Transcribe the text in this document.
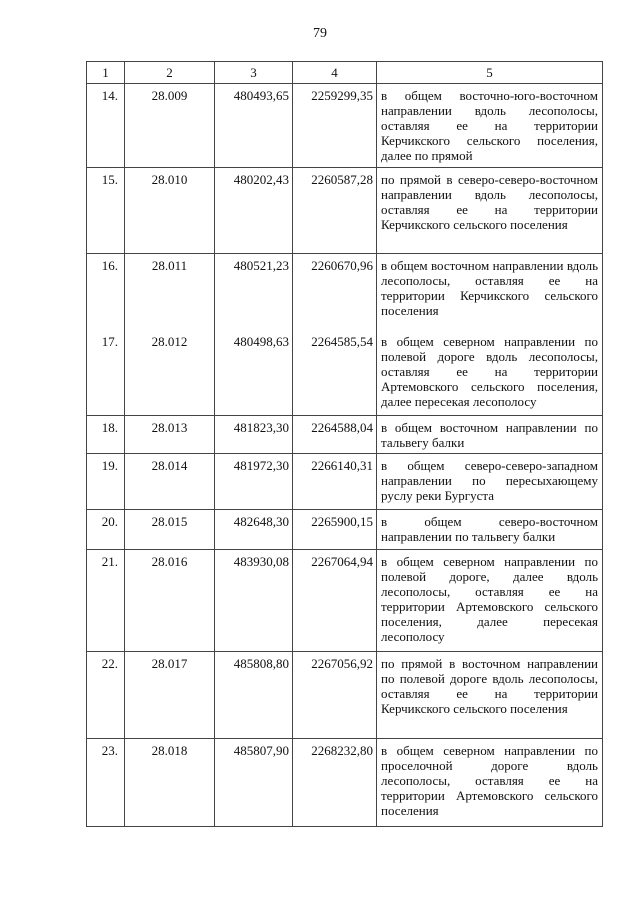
79
1	2	3	4	5
14.	28.009	480493,65	2259299,35	в общем восточно-юго-восточном направлении вдоль лесополосы, оставляя ее на территории Керчикского сельского поселения, далее по прямой
15.	28.010	480202,43	2260587,28	по прямой в северо-северо-восточном направлении вдоль лесополосы, оставляя ее на территории Керчикского сельского поселения
16.	28.011	480521,23	2260670,96	в общем восточном направлении вдоль лесополосы, оставляя ее на территории Керчикского сельского поселения
17.	28.012	480498,63	2264585,54	в общем северном направлении по полевой дороге вдоль лесополосы, оставляя ее на территории Артемовского сельского поселения, далее пересекая лесополосу
18.	28.013	481823,30	2264588,04	в общем восточном направлении по тальвегу балки
19.	28.014	481972,30	2266140,31	в общем северо-северо-западном направлении по пересыхающему руслу реки Бургуста
20.	28.015	482648,30	2265900,15	в общем северо-восточном направлении по тальвегу балки
21.	28.016	483930,08	2267064,94	в общем северном направлении по полевой дороге, далее вдоль лесополосы, оставляя ее на территории Артемовского сельского поселения, далее пересекая лесополосу
22.	28.017	485808,80	2267056,92	по прямой в восточном направлении по полевой дороге вдоль лесополосы, оставляя ее на территории Керчикского сельского поселения
23.	28.018	485807,90	2268232,80	в общем северном направлении по проселочной дороге вдоль лесополосы, оставляя ее на территории Артемовского сельского поселения
